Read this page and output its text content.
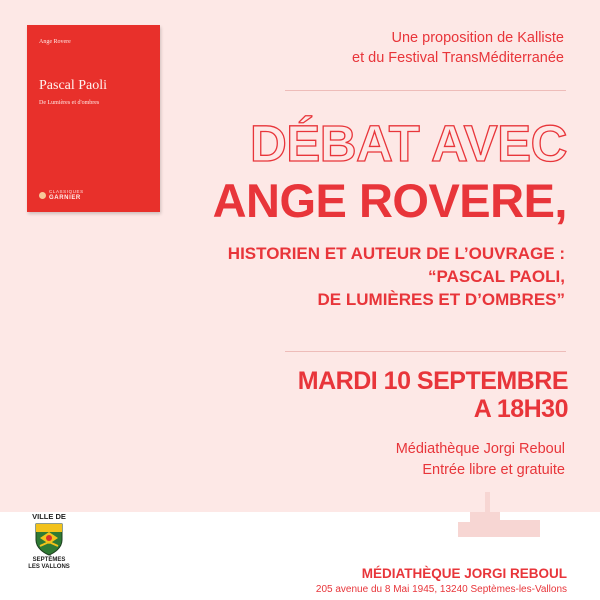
Ange Rovere
Pascal Paoli
De Lumières et d'ombres
CLASSIQUES
GARNIER
Une proposition de Kalliste
et du Festival TransMéditerranée
DÉBAT AVEC
ANGE ROVERE,
HISTORIEN ET AUTEUR DE L’OUVRAGE :
“PASCAL PAOLI,
DE LUMIÈRES ET D’OMBRES”
MARDI 10 SEPTEMBRE
A 18H30
Médiathèque Jorgi Reboul
Entrée libre et gratuite
VILLE DE
SEPTÈMES
LES VALLONS	MÉDIATHÈQUE JORGI REBOUL
205 avenue du 8 Mai 1945, 13240 Septèmes-les-Vallons
